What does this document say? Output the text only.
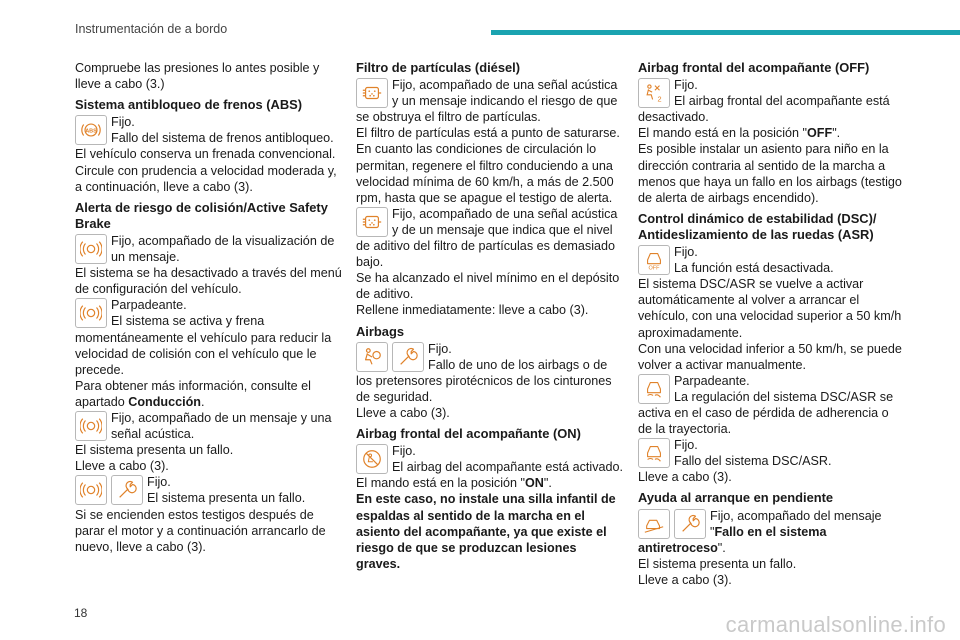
Instrumentación de a bordo

Compruebe las presiones lo antes posible y lleve a cabo (3.)

Sistema antibloqueo de frenos (ABS)
ABS

Fijo.
Fallo del sistema de frenos antibloqueo.

El vehículo conserva un frenada convencional.

Circule con prudencia a velocidad moderada y, a continuación, lleve a cabo (3).

Alerta de riesgo de colisión/Active Safety Brake

Fijo, acompañado de la visualización de un mensaje.

El sistema se ha desactivado a través del menú de configuración del vehículo.

Parpadeante.
El sistema se activa y frena momentáneamente el vehículo para reducir la velocidad de colisión con el vehículo que le precede.

Para obtener más información, consulte el apartado Conducción.

Fijo, acompañado de un mensaje y una señal acústica.

El sistema presenta un fallo.

Lleve a cabo (3).

Fijo.
El sistema presenta un fallo.

Si se encienden estos testigos después de parar el motor y a continuación arrancarlo de nuevo, lleve a cabo (3).

Filtro de partículas (diésel)

Fijo, acompañado de una señal acústica y un mensaje indicando el riesgo de que se obstruya el filtro de partículas.

El filtro de partículas está a punto de saturarse.

En cuanto las condiciones de circulación lo permitan, regenere el filtro conduciendo a una velocidad mínima de 60 km/h, a más de 2.500 rpm, hasta que se apague el testigo de alerta.

Fijo, acompañado de una señal acústica y de un mensaje que indica que el nivel de aditivo del filtro de partículas es demasiado bajo.

Se ha alcanzado el nivel mínimo en el depósito de aditivo.

Rellene inmediatamente: lleve a cabo (3).

Airbags

Fijo.
Fallo de uno de los airbags o de los pretensores pirotécnicos de los cinturones de seguridad.

Lleve a cabo (3).

Airbag frontal del acompañante (ON)

Fijo.
El airbag del acompañante está activado.

El mando está en la posición "ON".

En este caso, no instale una silla infantil de espaldas al sentido de la marcha en el asiento del acompañante, ya que existe el riesgo de que se produzcan lesiones graves.

Airbag frontal del acompañante (OFF)
2

Fijo.
El airbag frontal del acompañante está desactivado.

El mando está en la posición "OFF".

Es posible instalar un asiento para niño en la dirección contraria al sentido de la marcha a menos que haya un fallo en los airbags (testigo de alerta de airbags encendido).

Control dinámico de estabilidad (DSC)/ Antideslizamiento de las ruedas (ASR)
OFF

Fijo.
La función está desactivada.

El sistema DSC/ASR se vuelve a activar automáticamente al volver a arrancar el vehículo, con una velocidad superior a 50 km/h aproximadamente.

Con una velocidad inferior a 50 km/h, se puede volver a activar manualmente.

Parpadeante.
La regulación del sistema DSC/ASR se activa en el caso de pérdida de adherencia o de la trayectoria.

Fijo.
Fallo del sistema DSC/ASR.

Lleve a cabo (3).

Ayuda al arranque en pendiente

Fijo, acompañado del mensaje "Fallo en el sistema antiretroceso".

El sistema presenta un fallo.

Lleve a cabo (3).

18	carmanualsonline.info
